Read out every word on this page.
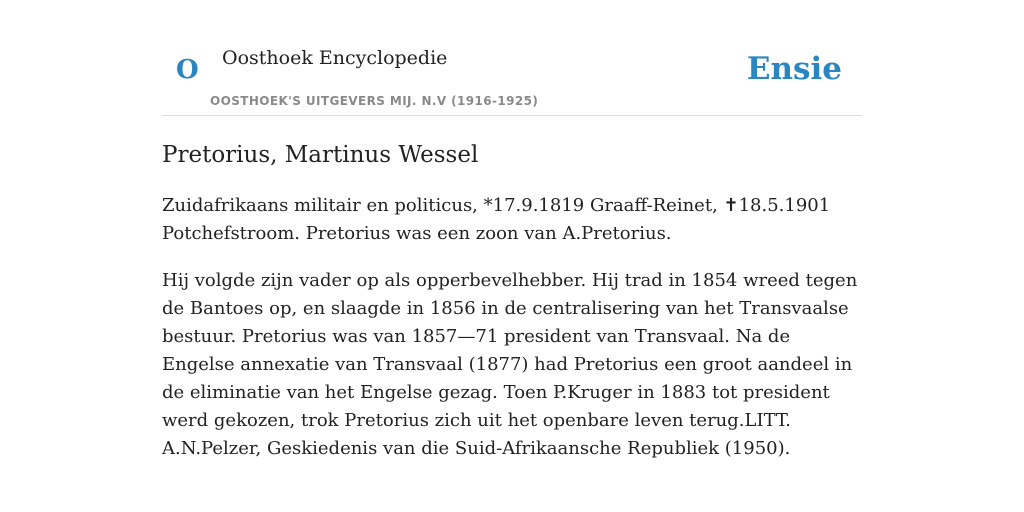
O Oosthoek Encyclopedie
OOSTHOEK'S UITGEVERS MIJ. N.V (1916-1925)
Ensie
Pretorius, Martinus Wessel

Zuidafrikaans militair en politicus, *17.9.1819 Graaff-Reinet, ✝18.5.1901 Potchefstroom. Pretorius was een zoon van A.Pretorius.

Hij volgde zijn vader op als opperbevelhebber. Hij trad in 1854 wreed tegen de Bantoes op, en slaagde in 1856 in de centralisering van het Transvaalse bestuur. Pretorius was van 1857—71 president van Transvaal. Na de Engelse annexatie van Transvaal (1877) had Pretorius een groot aandeel in de eliminatie van het Engelse gezag. Toen P.Kruger in 1883 tot president werd gekozen, trok Pretorius zich uit het openbare leven terug.LITT. A.N.Pelzer, Geskiedenis van die Suid-Afrikaansche Republiek (1950).
